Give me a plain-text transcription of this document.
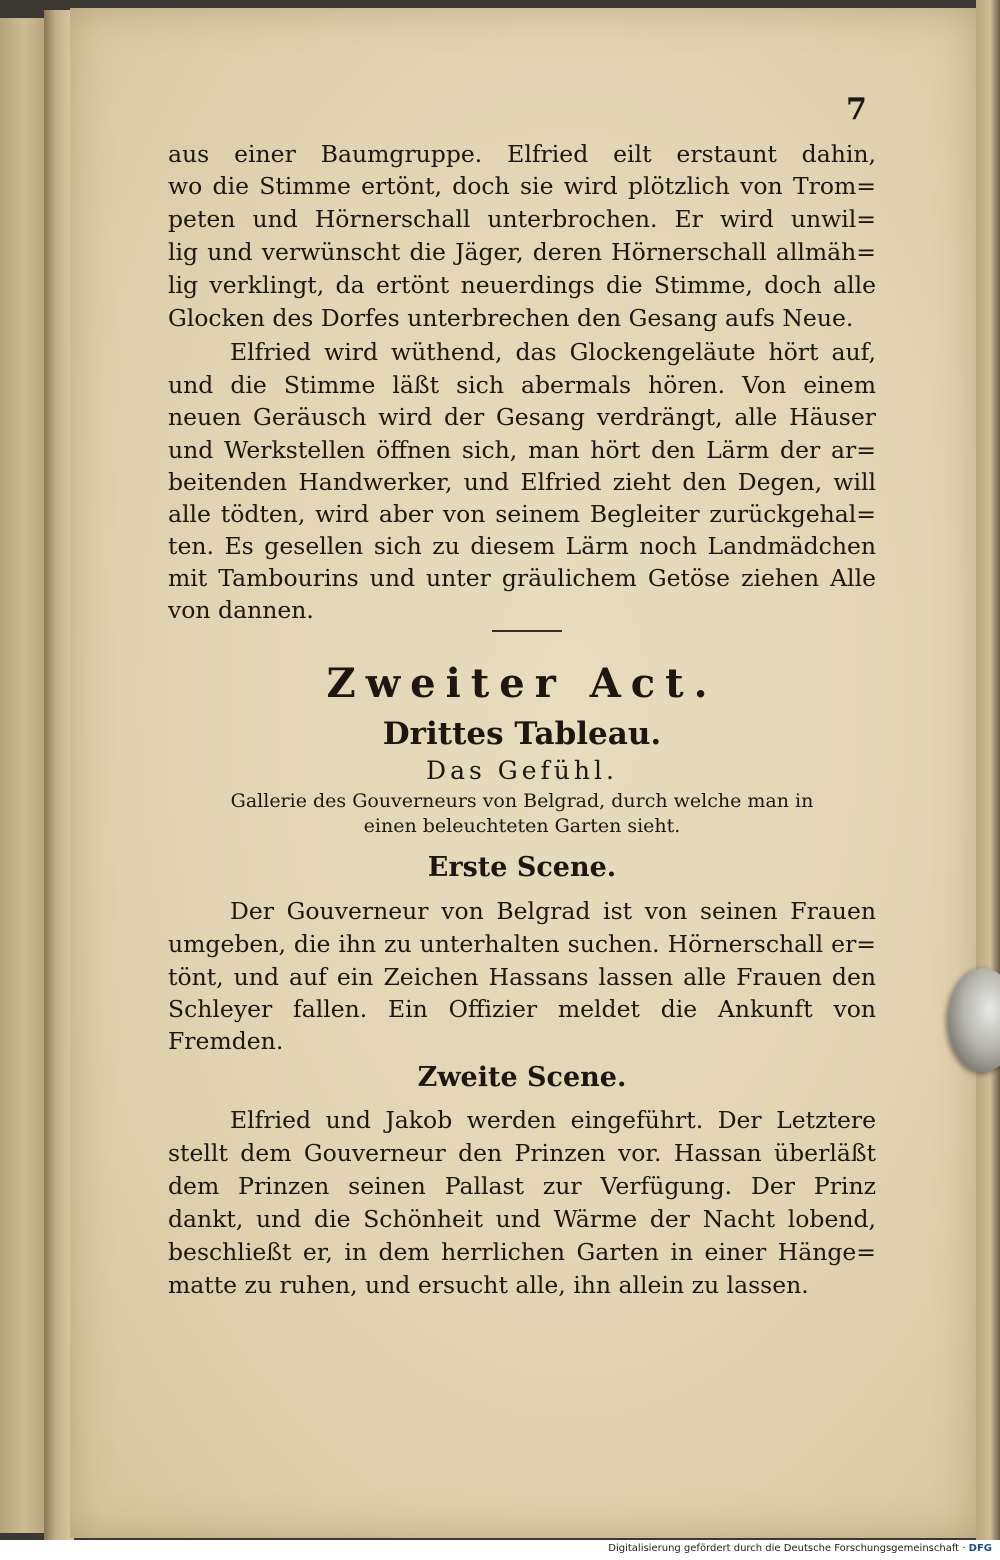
7
aus einer Baumgruppe. Elfried eilt erstaunt dahin,
wo die Stimme ertönt, doch sie wird plötzlich von Trom=
peten und Hörnerschall unterbrochen. Er wird unwil=
lig und verwünscht die Jäger, deren Hörnerschall allmäh=
lig verklingt, da ertönt neuerdings die Stimme, doch alle
Glocken des Dorfes unterbrechen den Gesang aufs Neue.
Elfried wird wüthend, das Glockengeläute hört auf,
und die Stimme läßt sich abermals hören. Von einem
neuen Geräusch wird der Gesang verdrängt, alle Häuser
und Werkstellen öffnen sich, man hört den Lärm der ar=
beitenden Handwerker, und Elfried zieht den Degen, will
alle tödten, wird aber von seinem Begleiter zurückgehal=
ten. Es gesellen sich zu diesem Lärm noch Landmädchen
mit Tambourins und unter gräulichem Getöse ziehen Alle
von dannen.
Zweiter Act.
Drittes Tableau.
Das Gefühl.
Gallerie des Gouverneurs von Belgrad, durch welche man in
einen beleuchteten Garten sieht.
Erste Scene.
Der Gouverneur von Belgrad ist von seinen Frauen
umgeben, die ihn zu unterhalten suchen. Hörnerschall er=
tönt, und auf ein Zeichen Hassans lassen alle Frauen den
Schleyer fallen. Ein Offizier meldet die Ankunft von
Fremden.
Zweite Scene.
Elfried und Jakob werden eingeführt. Der Letztere
stellt dem Gouverneur den Prinzen vor. Hassan überläßt
dem Prinzen seinen Pallast zur Verfügung. Der Prinz
dankt, und die Schönheit und Wärme der Nacht lobend,
beschließt er, in dem herrlichen Garten in einer Hänge=
matte zu ruhen, und ersucht alle, ihn allein zu lassen.
Digitalisierung gefördert durch die Deutsche Forschungsgemeinschaft · DFG
